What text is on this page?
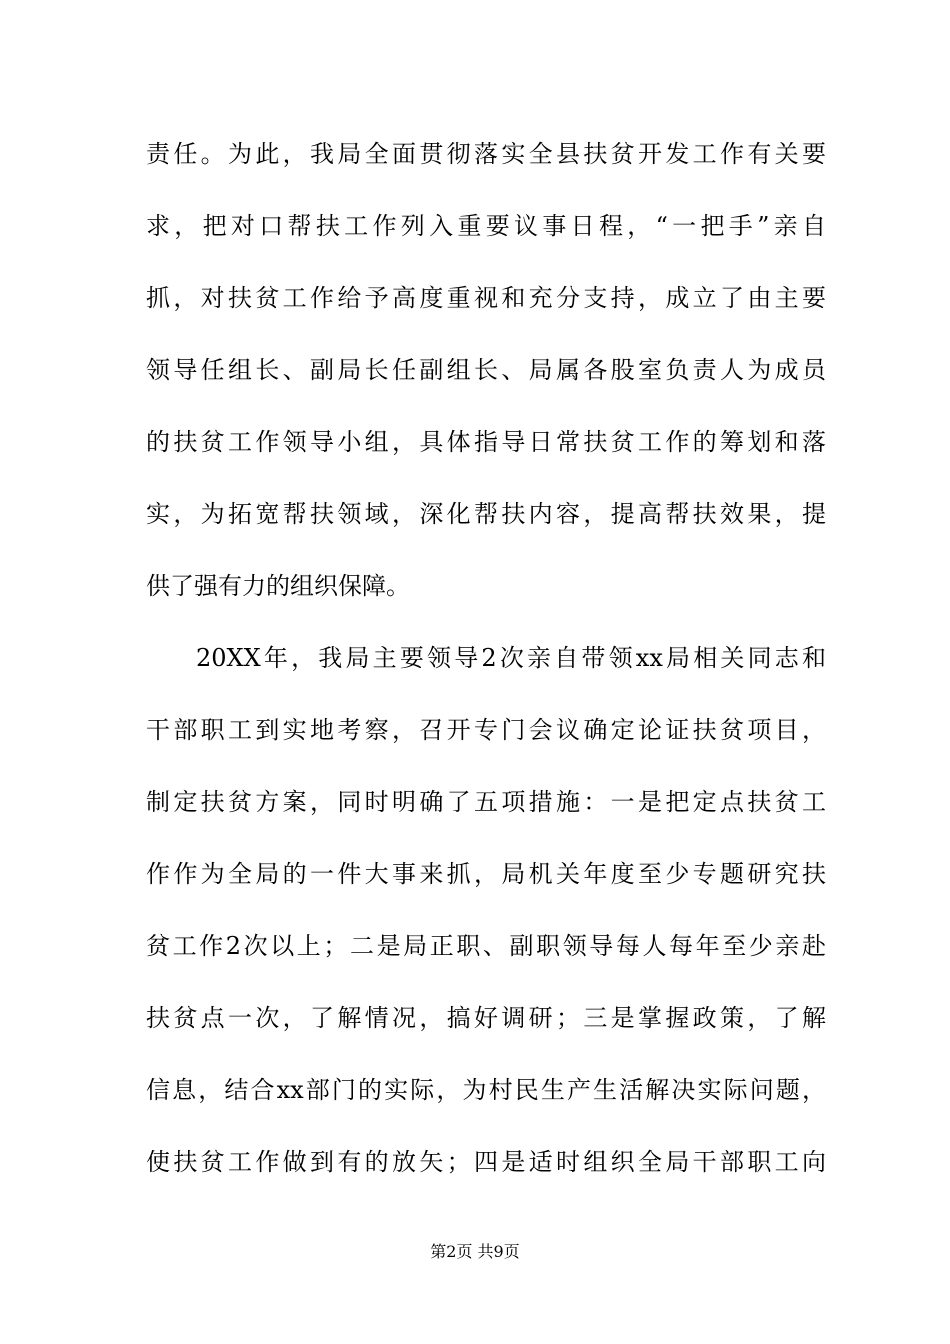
责任。为此，我局全面贯彻落实全县扶贫开发工作有关要
求，把对口帮扶工作列入重要议事日程，“一把手”亲自
抓，对扶贫工作给予高度重视和充分支持，成立了由主要
领导任组长、副局长任副组长、局属各股室负责人为成员
的扶贫工作领导小组，具体指导日常扶贫工作的筹划和落
实，为拓宽帮扶领域，深化帮扶内容，提高帮扶效果，提
供了强有力的组织保障。
20XX年，我局主要领导2次亲自带领xx局相关同志和
干部职工到实地考察，召开专门会议确定论证扶贫项目，
制定扶贫方案，同时明确了五项措施：一是把定点扶贫工
作作为全局的一件大事来抓，局机关年度至少专题研究扶
贫工作2次以上；二是局正职、副职领导每人每年至少亲赴
扶贫点一次，了解情况，搞好调研；三是掌握政策，了解
信息，结合xx部门的实际，为村民生产生活解决实际问题，
使扶贫工作做到有的放矢；四是适时组织全局干部职工向
第2页 共9页
